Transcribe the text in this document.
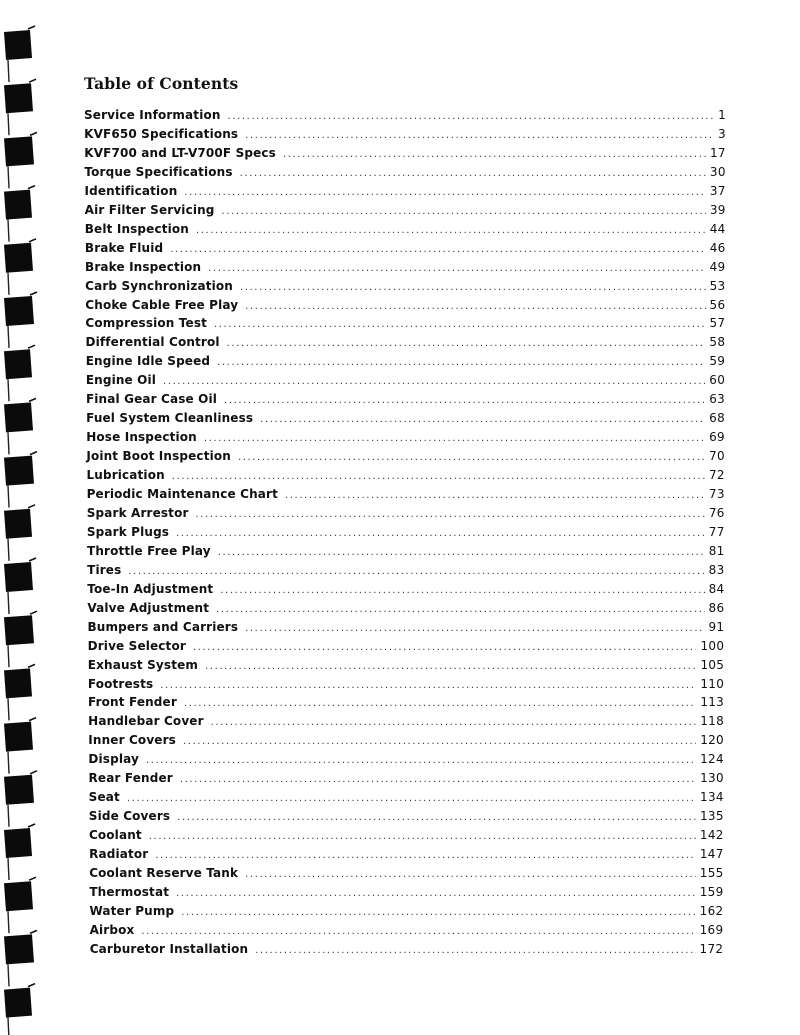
Table of Contents
Service Information .....	1
KVF650 Specifications .....	3
KVF700 and LT-V700F Specs .....	17
Torque Specifications .....	30
Identification .....	37
Air Filter Servicing .....	39
Belt Inspection .....	44
Brake Fluid .....	46
Brake Inspection .....	49
Carb Synchronization .....	53
Choke Cable Free Play .....	56
Compression Test .....	57
Differential Control .....	58
Engine Idle Speed .....	59
Engine Oil .....	60
Final Gear Case Oil .....	63
Fuel System Cleanliness .....	68
Hose Inspection .....	69
Joint Boot Inspection .....	70
Lubrication .....	72
Periodic Maintenance Chart .....	73
Spark Arrestor .....	76
Spark Plugs .....	77
Throttle Free Play .....	81
Tires .....	83
Toe-In Adjustment .....	84
Valve Adjustment .....	86
Bumpers and Carriers .....	91
Drive Selector .....	100
Exhaust System .....	105
Footrests .....	110
Front Fender .....	113
Handlebar Cover .....	118
Inner Covers .....	120
Display .....	124
Rear Fender .....	130
Seat .....	134
Side Covers .....	135
Coolant .....	142
Radiator .....	147
Coolant Reserve Tank .....	155
Thermostat .....	159
Water Pump .....	162
Airbox .....	169
Carburetor Installation .....	172
